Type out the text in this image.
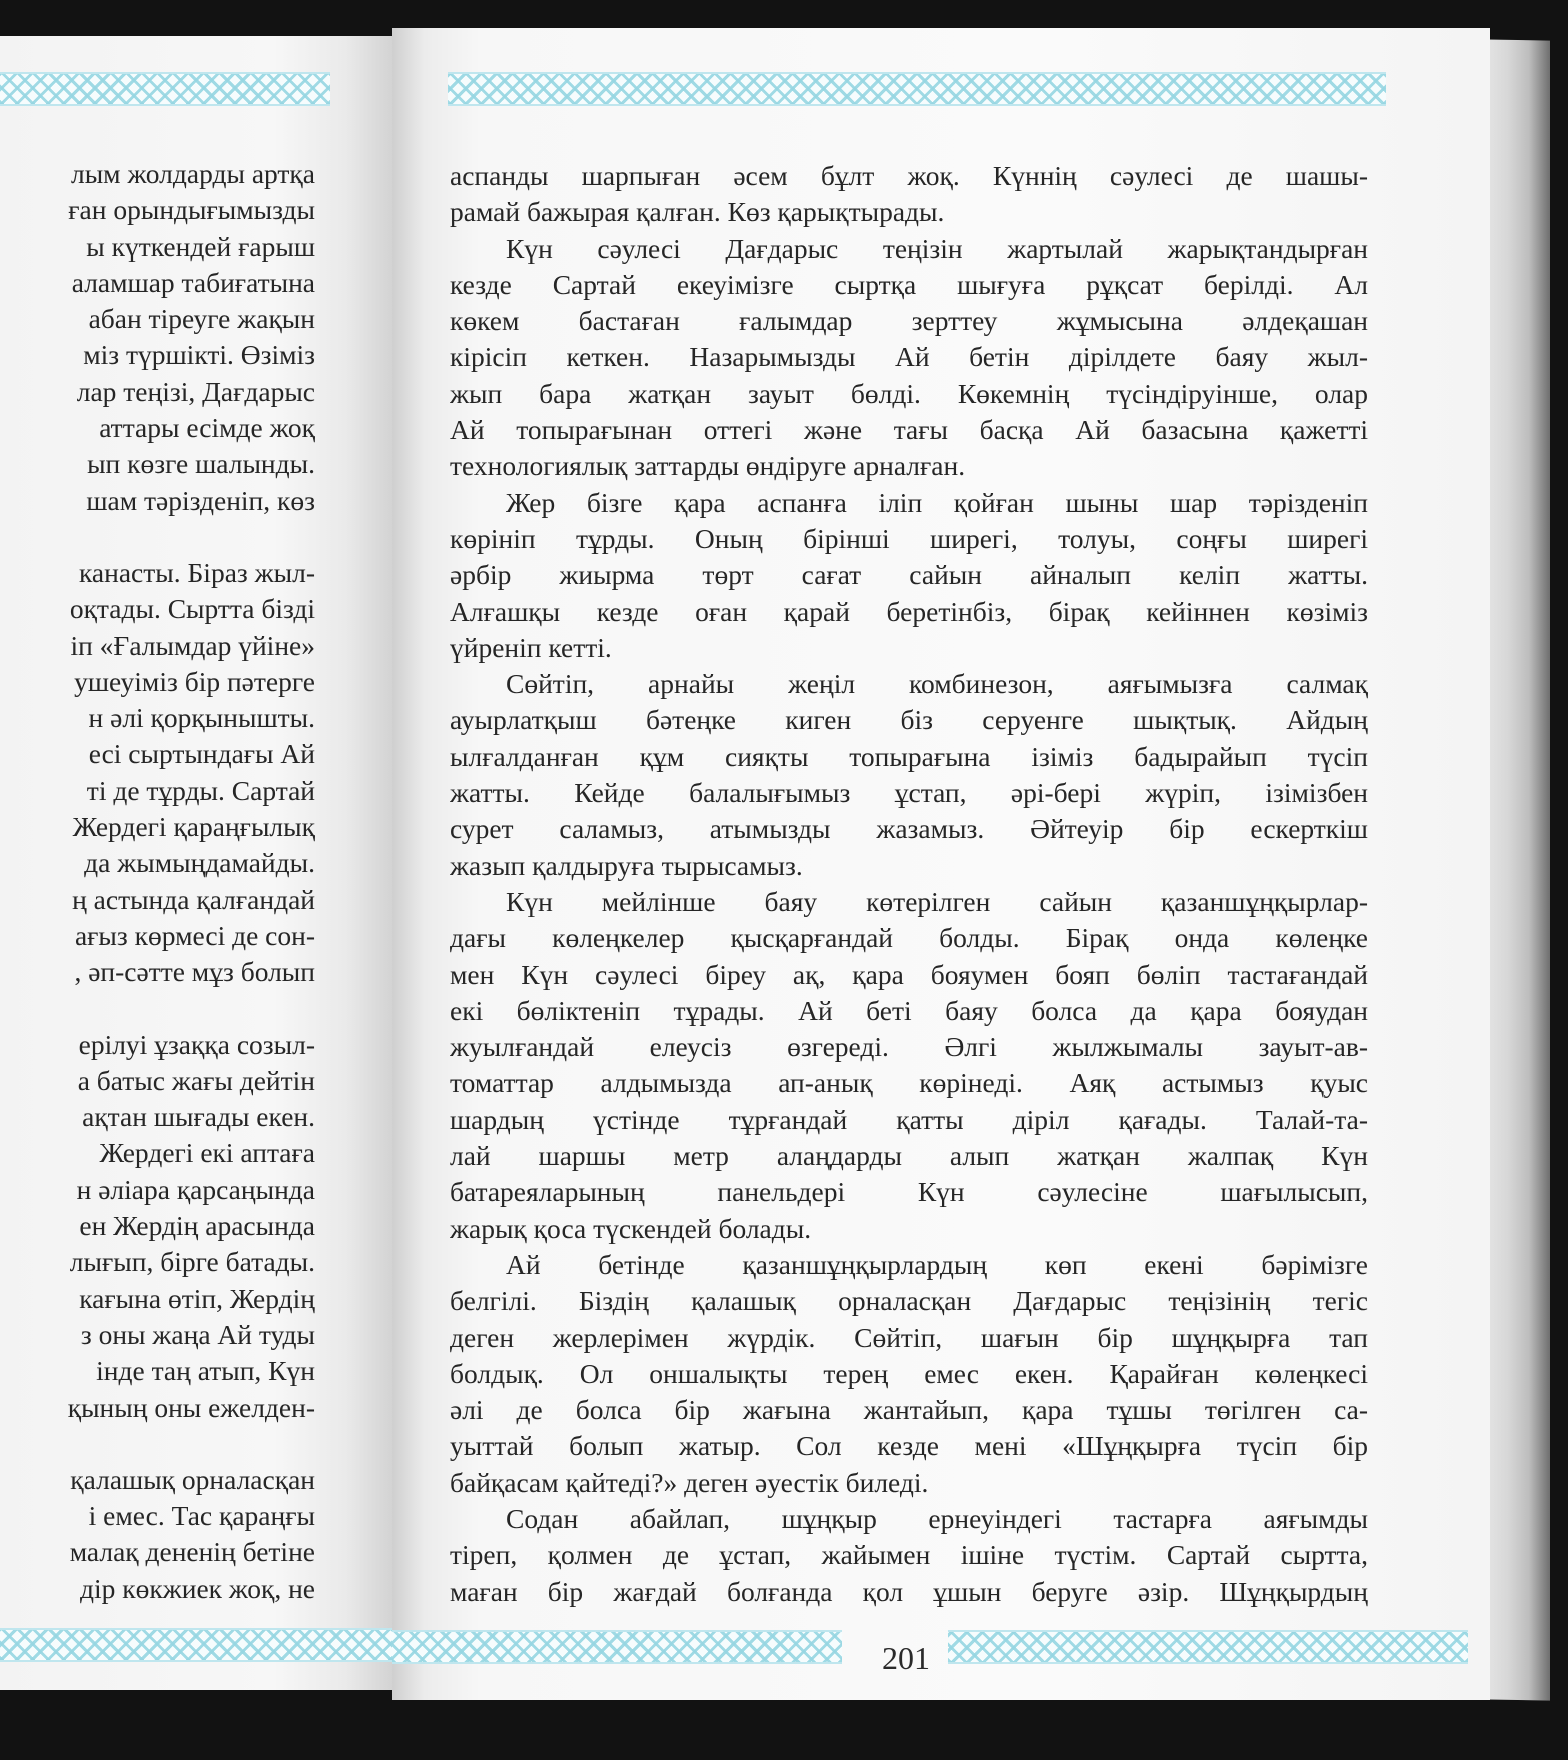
лым жолдарды артқа
ған орындығымызды
ы күткендей ғарыш
аламшар табиғатына
абан тіреуге жақын
міз түршікті. Өзіміз
лар теңізі, Дағдарыс
аттары есімде жоқ
ып көзге шалынды.
шам тәрізденіп, көз
канасты. Біраз жыл-
оқтады. Сыртта бізді
іп «Ғалымдар үйіне»
ушеуіміз бір пәтерге
н әлі қорқынышты.
есі сыртындағы Ай
ті де тұрды. Сартай
Жердегі қараңғылық
да жымыңдамайды.
ң астында қалғандай
ағыз көрмесі де сон-
, әп-сәтте мұз болып
ерілуі ұзаққа созыл-
а батыс жағы дейтін
ақтан шығады екен.
Жердегі екі аптаға
н әліара қарсаңында
ен Жердің арасында
лығып, бірге батады.
кағына өтіп, Жердің
з оны жаңа Ай туды
інде таң атып, Күн
қының оны ежелден-
қалашық орналасқан
і емес. Тас қараңғы
малақ дененің бетіне
дір көкжиек жоқ, не
аспанды шарпыған әсем бұлт жоқ. Күннің сәулесі де шашы-
рамай бажырая қалған. Көз қарықтырады.
Күн сәулесі Дағдарыс теңізін жартылай жарықтандырған
кезде Сартай екеуімізге сыртқа шығуға рұқсат берілді. Ал
көкем бастаған ғалымдар зерттеу жұмысына әлдеқашан
кірісіп кеткен. Назарымызды Ай бетін дірілдете баяу жыл-
жып бара жатқан зауыт бөлді. Көкемнің түсіндіруінше, олар
Ай топырағынан оттегі және тағы басқа Ай базасына қажетті
технологиялық заттарды өндіруге арналған.
Жер бізге қара аспанға іліп қойған шыны шар тәрізденіп
көрініп тұрды. Оның бірінші ширегі, толуы, соңғы ширегі
әрбір жиырма төрт сағат сайын айналып келіп жатты.
Алғашқы кезде оған қарай беретінбіз, бірақ кейіннен көзіміз
үйреніп кетті.
Сөйтіп, арнайы жеңіл комбинезон, аяғымызға салмақ
ауырлатқыш бәтеңке киген біз серуенге шықтық. Айдың
ылғалданған құм сияқты топырағына ізіміз бадырайып түсіп
жатты. Кейде балалығымыз ұстап, әрі-бері жүріп, ізімізбен
сурет саламыз, атымызды жазамыз. Әйтеуір бір ескерткіш
жазып қалдыруға тырысамыз.
Күн мейлінше баяу көтерілген сайын қазаншұңқырлар-
дағы көлеңкелер қысқарғандай болды. Бірақ онда көлеңке
мен Күн сәулесі біреу ақ, қара бояумен бояп бөліп тастағандай
екі бөліктеніп тұрады. Ай беті баяу болса да қара бояудан
жуылғандай елеусіз өзгереді. Әлгі жылжымалы зауыт-ав-
томаттар алдымызда ап-анық көрінеді. Аяқ астымыз қуыс
шардың үстінде тұрғандай қатты діріл қағады. Талай-та-
лай шаршы метр алаңдарды алып жатқан жалпақ Күн
батареяларының панельдері Күн сәулесіне шағылысып,
жарық қоса түскендей болады.
Ай бетінде қазаншұңқырлардың көп екені бәрімізге
белгілі. Біздің қалашық орналасқан Дағдарыс теңізінің тегіс
деген жерлерімен жүрдік. Сөйтіп, шағын бір шұңқырға тап
болдық. Ол оншалықты терең емес екен. Қарайған көлеңкесі
әлі де болса бір жағына жантайып, қара тұшы төгілген са-
уыттай болып жатыр. Сол кезде мені «Шұңқырға түсіп бір
байқасам қайтеді?» деген әуестік биледі.
Содан абайлап, шұңқыр ернеуіндегі тастарға аяғымды
тіреп, қолмен де ұстап, жайымен ішіне түстім. Сартай сыртта,
маған бір жағдай болғанда қол ұшын беруге әзір. Шұңқырдың
201
